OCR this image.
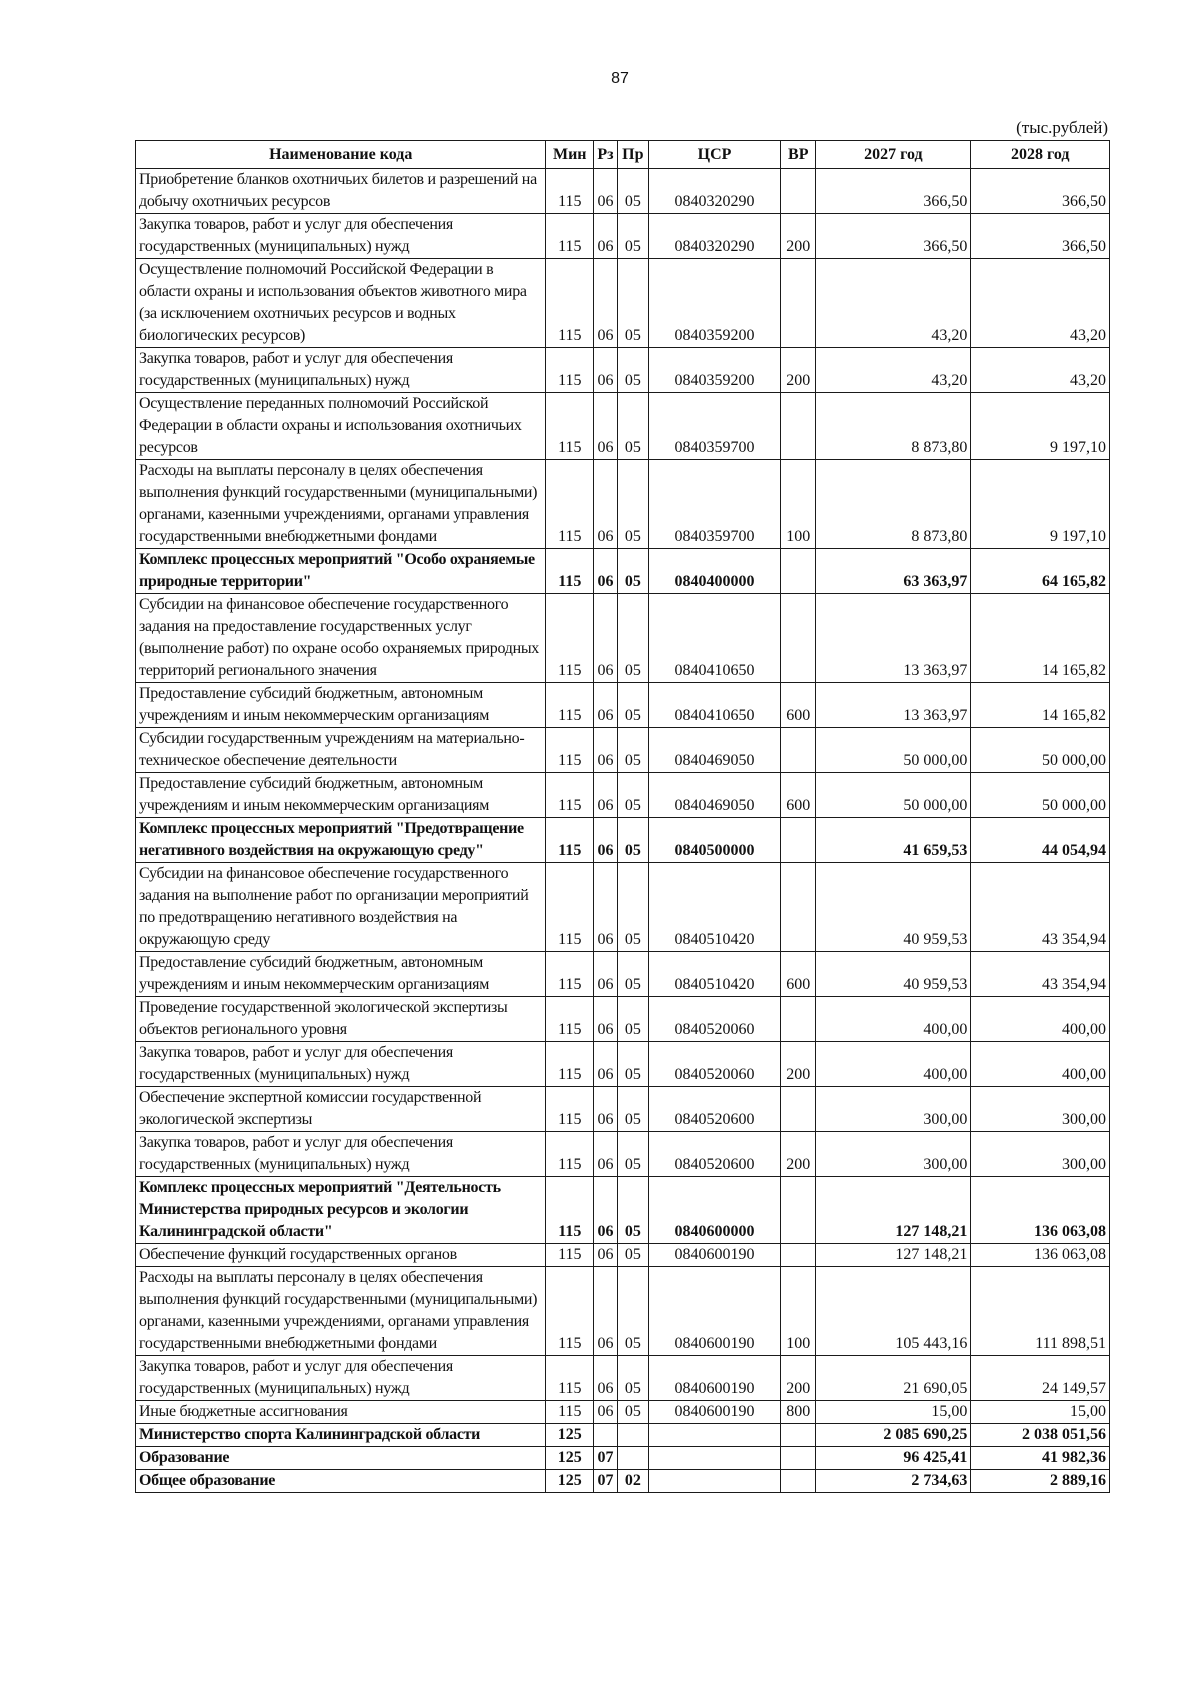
87
(тыс.рублей)
Наименование кода	Мин	Рз	Пр	ЦСР	ВР	2027 год	2028 год
Приобретение бланков охотничьих билетов и разрешений на добычу охотничьих ресурсов	115	06	05	0840320290		366,50	366,50
Закупка товаров, работ и услуг для обеспечения государственных (муниципальных) нужд	115	06	05	0840320290	200	366,50	366,50
Осуществление полномочий Российской Федерации в области охраны и использования объектов животного мира (за исключением охотничьих ресурсов и водных биологических ресурсов)	115	06	05	0840359200		43,20	43,20
Закупка товаров, работ и услуг для обеспечения государственных (муниципальных) нужд	115	06	05	0840359200	200	43,20	43,20
Осуществление переданных полномочий Российской Федерации в области охраны и использования охотничьих ресурсов	115	06	05	0840359700		8 873,80	9 197,10
Расходы на выплаты персоналу в целях обеспечения выполнения функций государственными (муниципальными) органами, казенными учреждениями, органами управления государственными внебюджетными фондами	115	06	05	0840359700	100	8 873,80	9 197,10
Комплекс процессных мероприятий "Особо охраняемые природные территории"	115	06	05	0840400000		63 363,97	64 165,82
Субсидии на финансовое обеспечение государственного задания на предоставление государственных услуг (выполнение работ) по охране особо охраняемых природных территорий регионального значения	115	06	05	0840410650		13 363,97	14 165,82
Предоставление субсидий бюджетным, автономным учреждениям и иным некоммерческим организациям	115	06	05	0840410650	600	13 363,97	14 165,82
Субсидии государственным учреждениям на материально-техническое обеспечение деятельности	115	06	05	0840469050		50 000,00	50 000,00
Предоставление субсидий бюджетным, автономным учреждениям и иным некоммерческим организациям	115	06	05	0840469050	600	50 000,00	50 000,00
Комплекс процессных мероприятий "Предотвращение негативного воздействия на окружающую среду"	115	06	05	0840500000		41 659,53	44 054,94
Субсидии на финансовое обеспечение государственного задания на выполнение работ по организации мероприятий по предотвращению негативного воздействия на окружающую среду	115	06	05	0840510420		40 959,53	43 354,94
Предоставление субсидий бюджетным, автономным учреждениям и иным некоммерческим организациям	115	06	05	0840510420	600	40 959,53	43 354,94
Проведение государственной экологической экспертизы объектов регионального уровня	115	06	05	0840520060		400,00	400,00
Закупка товаров, работ и услуг для обеспечения государственных (муниципальных) нужд	115	06	05	0840520060	200	400,00	400,00
Обеспечение экспертной комиссии государственной экологической экспертизы	115	06	05	0840520600		300,00	300,00
Закупка товаров, работ и услуг для обеспечения государственных (муниципальных) нужд	115	06	05	0840520600	200	300,00	300,00
Комплекс процессных мероприятий "Деятельность Министерства природных ресурсов и экологии Калининградской области"	115	06	05	0840600000		127 148,21	136 063,08
Обеспечение функций государственных органов	115	06	05	0840600190		127 148,21	136 063,08
Расходы на выплаты персоналу в целях обеспечения выполнения функций государственными (муниципальными) органами, казенными учреждениями, органами управления государственными внебюджетными фондами	115	06	05	0840600190	100	105 443,16	111 898,51
Закупка товаров, работ и услуг для обеспечения государственных (муниципальных) нужд	115	06	05	0840600190	200	21 690,05	24 149,57
Иные бюджетные ассигнования	115	06	05	0840600190	800	15,00	15,00
Министерство спорта Калининградской области	125					2 085 690,25	2 038 051,56
Образование	125	07				96 425,41	41 982,36
Общее образование	125	07	02			2 734,63	2 889,16
